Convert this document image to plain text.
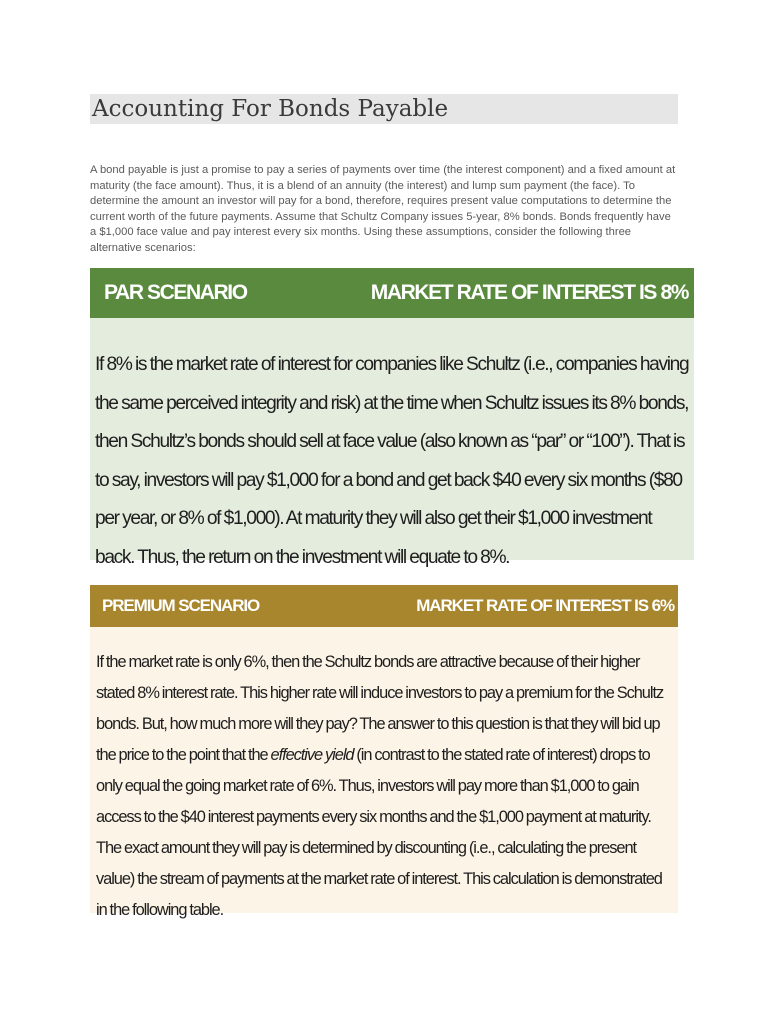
Accounting For Bonds Payable

A bond payable is just a promise to pay a series of payments over time (the interest component) and a fixed amount at maturity (the face amount). Thus, it is a blend of an annuity (the interest) and lump sum payment (the face). To determine the amount an investor will pay for a bond, therefore, requires present value computations to determine the current worth of the future payments. Assume that Schultz Company issues 5-year, 8% bonds. Bonds frequently have a $1,000 face value and pay interest every six months. Using these assumptions, consider the following three alternative scenarios:

PAR SCENARIO	MARKET RATE OF INTEREST IS 8%

If 8% is the market rate of interest for companies like Schultz (i.e., companies having the same perceived integrity and risk) at the time when Schultz issues its 8% bonds, then Schultz’s bonds should sell at face value (also known as “par” or “100”). That is to say, investors will pay $1,000 for a bond and get back $40 every six months ($80 per year, or 8% of $1,000). At maturity they will also get their $1,000 investment back. Thus, the return on the investment will equate to 8%.

PREMIUM SCENARIO	MARKET RATE OF INTEREST IS 6%

If the market rate is only 6%, then the Schultz bonds are attractive because of their higher stated 8% interest rate. This higher rate will induce investors to pay a premium for the Schultz bonds. But, how much more will they pay? The answer to this question is that they will bid up the price to the point that the effective yield (in contrast to the stated rate of interest) drops to only equal the going market rate of 6%. Thus, investors will pay more than $1,000 to gain access to the $40 interest payments every six months and the $1,000 payment at maturity. The exact amount they will pay is determined by discounting (i.e., calculating the present value) the stream of payments at the market rate of interest. This calculation is demonstrated in the following table.
